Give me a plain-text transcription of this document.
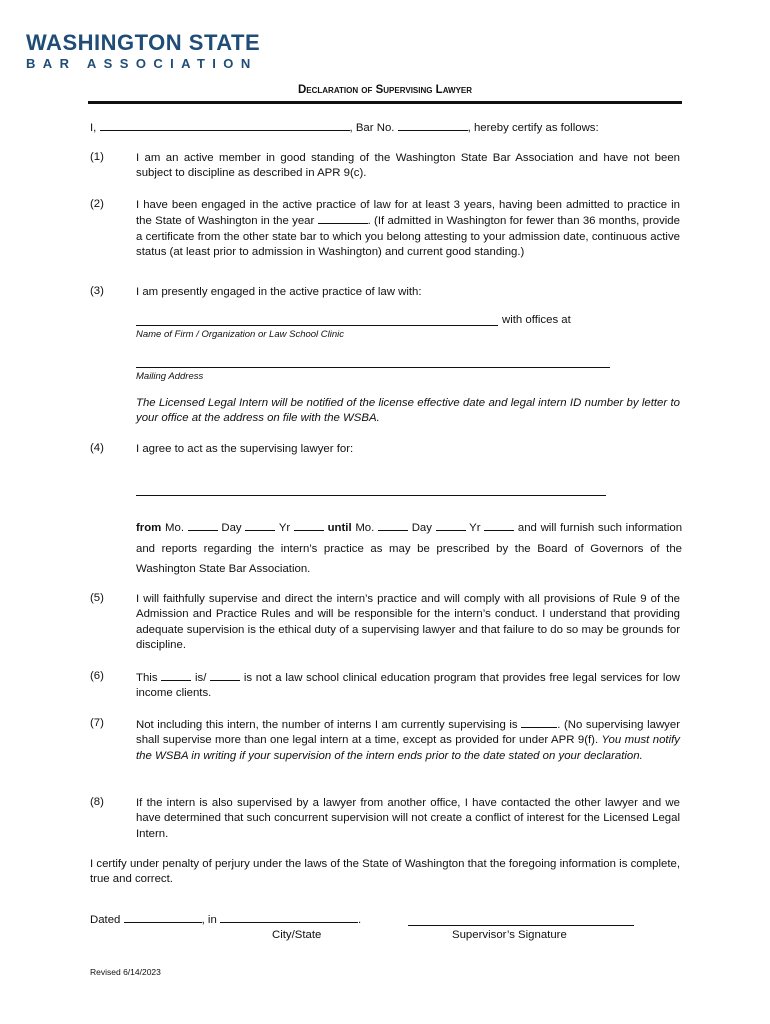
WASHINGTON STATE
BAR ASSOCIATION
Declaration of Supervising Lawyer
I,	, Bar No.	, hereby certify as follows:
(1)	I am an active member in good standing of the Washington State Bar Association and have not been subject to discipline as described in APR 9(c).
(2)	I have been engaged in the active practice of law for at least 3 years, having been admitted to practice in the State of Washington in the year	. (If admitted in Washington for fewer than 36 months, provide a certificate from the other state bar to which you belong attesting to your admission date, continuous active status (at least prior to admission in Washington) and current good standing.)
(3)	I am presently engaged in the active practice of law with:
with offices at
Name of Firm / Organization or Law School Clinic
Mailing Address
The Licensed Legal Intern will be notified of the license effective date and legal intern ID number by letter to your office at the address on file with the WSBA.
(4)	I agree to act as the supervising lawyer for:
from Mo.	Day	Yr	until Mo.	Day	Yr	and will furnish such information and reports regarding the intern’s practice as may be prescribed by the Board of Governors of the Washington State Bar Association.
(5)	I will faithfully supervise and direct the intern’s practice and will comply with all provisions of Rule 9 of the Admission and Practice Rules and will be responsible for the intern’s conduct. I understand that providing adequate supervision is the ethical duty of a supervising lawyer and that failure to do so may be grounds for discipline.
(6)	This	is/	is not a law school clinical education program that provides free legal services for low income clients.
(7)	Not including this intern, the number of interns I am currently supervising is	. (No supervising lawyer shall supervise more than one legal intern at a time, except as provided for under APR 9(f). You must notify the WSBA in writing if your supervision of the intern ends prior to the date stated on your declaration.
(8)	If the intern is also supervised by a lawyer from another office, I have contacted the other lawyer and we have determined that such concurrent supervision will not create a conflict of interest for the Licensed Legal Intern.
I certify under penalty of perjury under the laws of the State of Washington that the foregoing information is complete, true and correct.
Dated	, in	.
City/State	Supervisor’s Signature
Revised 6/14/2023
